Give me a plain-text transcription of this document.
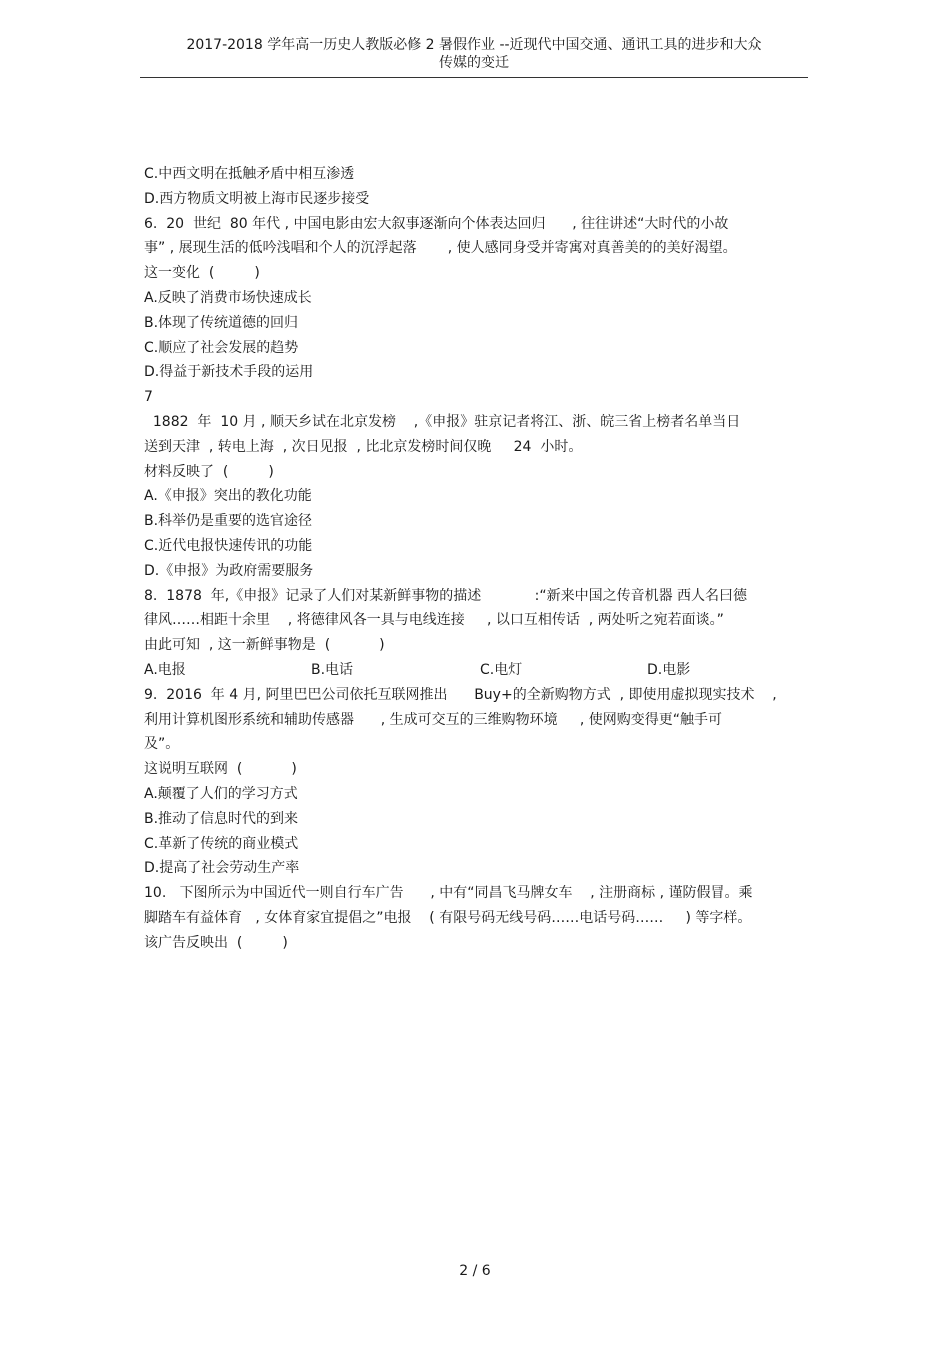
2017-2018 学年高一历史人教版必修 2 暑假作业 --近现代中国交通、通讯工具的进步和大众
传媒的变迁
C.中西文明在抵触矛盾中相互渗透
D.西方物质文明被上海市民逐步接受
6.  20  世纪  80 年代 , 中国电影由宏大叙事逐渐向个体表达回归      , 往往讲述“大时代的小故
事” , 展现生活的低吟浅唱和个人的沉浮起落       , 使人感同身受并寄寓对真善美的的美好渴望。
这一变化  (         )
A.反映了消费市场快速成长
B.体现了传统道德的回归
C.顺应了社会发展的趋势
D.得益于新技术手段的运用
7
1882  年  10 月 , 顺天乡试在北京发榜    ,《申报》驻京记者将江、浙、皖三省上榜者名单当日
送到天津  , 转电上海  , 次日见报  , 比北京发榜时间仅晚     24  小时。
材料反映了  (         )
A.《申报》突出的教化功能
B.科举仍是重要的选官途径
C.近代电报快速传讯的功能
D.《申报》为政府需要服务
8.  1878  年,《申报》记录了人们对某新鲜事物的描述            :“新来中国之传音机器 西人名曰德
律风……相距十余里    , 将德律风各一具与电线连接     , 以口互相传话  , 两处听之宛若面谈。”
由此可知  , 这一新鲜事物是  (           )
A.电报	B.电话	C.电灯	D.电影
9.  2016  年 4 月, 阿里巴巴公司依托互联网推出      Buy+的全新购物方式  , 即使用虚拟现实技术    ,
利用计算机图形系统和辅助传感器      , 生成可交互的三维购物环境     , 使网购变得更“触手可
及”。
这说明互联网  (           )
A.颠覆了人们的学习方式
B.推动了信息时代的到来
C.革新了传统的商业模式
D.提高了社会劳动生产率
10.   下图所示为中国近代一则自行车广告      , 中有“同昌飞马牌女车    , 注册商标 , 谨防假冒。乘
脚踏车有益体育   , 女体育家宜提倡之”电报    ( 有限号码无线号码……电话号码……     ) 等字样。
该广告反映出  (         )
2 / 6
